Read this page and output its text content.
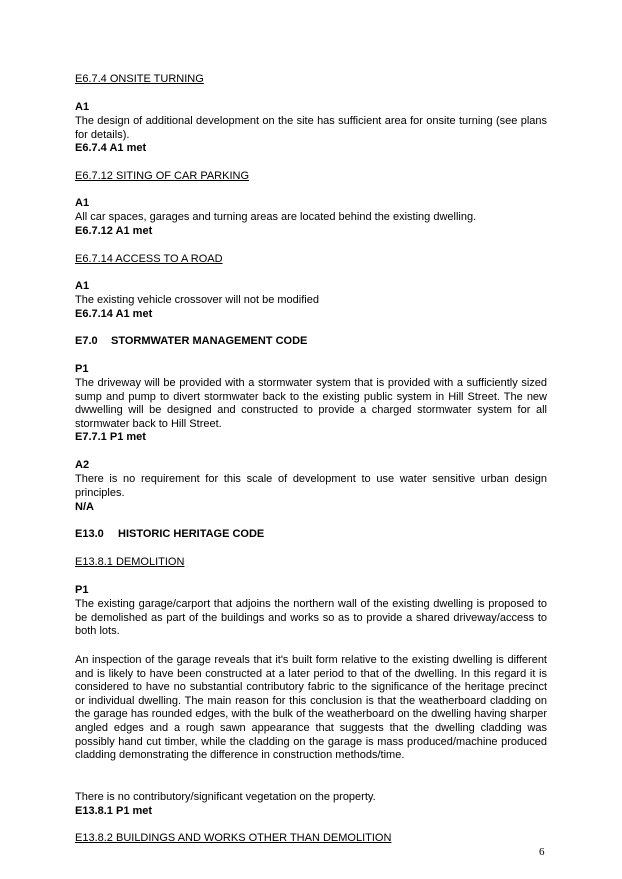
E6.7.4 ONSITE TURNING
A1
The design of additional development on the site has sufficient area for onsite turning (see plans for details).
E6.7.4 A1 met
E6.7.12 SITING OF CAR PARKING
A1
All car spaces, garages and turning areas are located behind the existing dwelling.
E6.7.12 A1 met
E6.7.14 ACCESS TO A ROAD
A1
The existing vehicle crossover will not be modified
E6.7.14 A1 met
E7.0 STORMWATER MANAGEMENT CODE
P1
The driveway will be provided with a stormwater system that is provided with a sufficiently sized sump and pump to divert stormwater back to the existing public system in Hill Street. The new dwwelling will be designed and constructed to provide a charged stormwater system for all stormwater back to Hill Street.
E7.7.1 P1 met
A2
There is no requirement for this scale of development to use water sensitive urban design principles.
N/A
E13.0 HISTORIC HERITAGE CODE
E13.8.1 DEMOLITION
P1
The existing garage/carport that adjoins the northern wall of the existing dwelling is proposed to be demolished as part of the buildings and works so as to provide a shared driveway/access to both lots.
An inspection of the garage reveals that it's built form relative to the existing dwelling is different and is likely to have been constructed at a later period to that of the dwelling. In this regard it is considered to have no substantial contributory fabric to the significance of the heritage precinct or individual dwelling. The main reason for this conclusion is that the weatherboard cladding on the garage has rounded edges, with the bulk of the weatherboard on the dwelling having sharper angled edges and a rough sawn appearance that suggests that the dwelling cladding was possibly hand cut timber, while the cladding on the garage is mass produced/machine produced cladding demonstrating the difference in construction methods/time.
There is no contributory/significant vegetation on the property.
E13.8.1 P1 met
E13.8.2 BUILDINGS AND WORKS OTHER THAN DEMOLITION
6
